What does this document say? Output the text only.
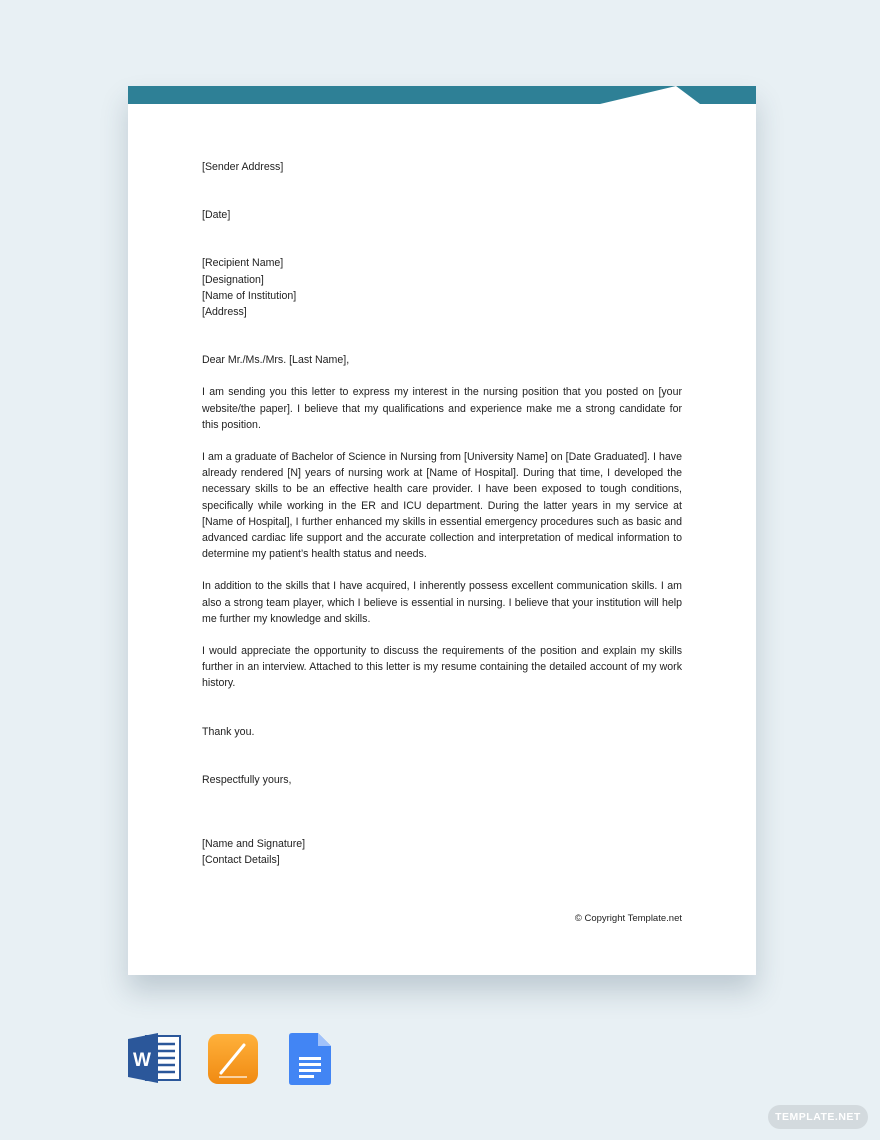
[Sender Address]

[Date]

[Recipient Name]

[Designation]

[Name of Institution]

[Address]

Dear Mr./Ms./Mrs. [Last Name],

I am sending you this letter to express my interest in the nursing position that you posted on [your website/the paper]. I believe that my qualifications and experience make me a strong candidate for this position.

I am a graduate of Bachelor of Science in Nursing from [University Name] on [Date Graduated]. I have already rendered [N] years of nursing work at [Name of Hospital]. During that time, I developed the necessary skills to be an effective health care provider. I have been exposed to tough conditions, specifically while working in the ER and ICU department. During the latter years in my service at [Name of Hospital], I further enhanced my skills in essential emergency procedures such as basic and advanced cardiac life support and the accurate collection and interpretation of medical information to determine my patient’s health status and needs.

In addition to the skills that I have acquired, I inherently possess excellent communication skills. I am also a strong team player, which I believe is essential in nursing. I believe that your institution will help me further my knowledge and skills.

I would appreciate the opportunity to discuss the requirements of the position and explain my skills further in an interview. Attached to this letter is my resume containing the detailed account of my work history.

Thank you.

Respectfully yours,

[Name and Signature]

[Contact Details]

© Copyright Template.net
W
TEMPLATE.NET
